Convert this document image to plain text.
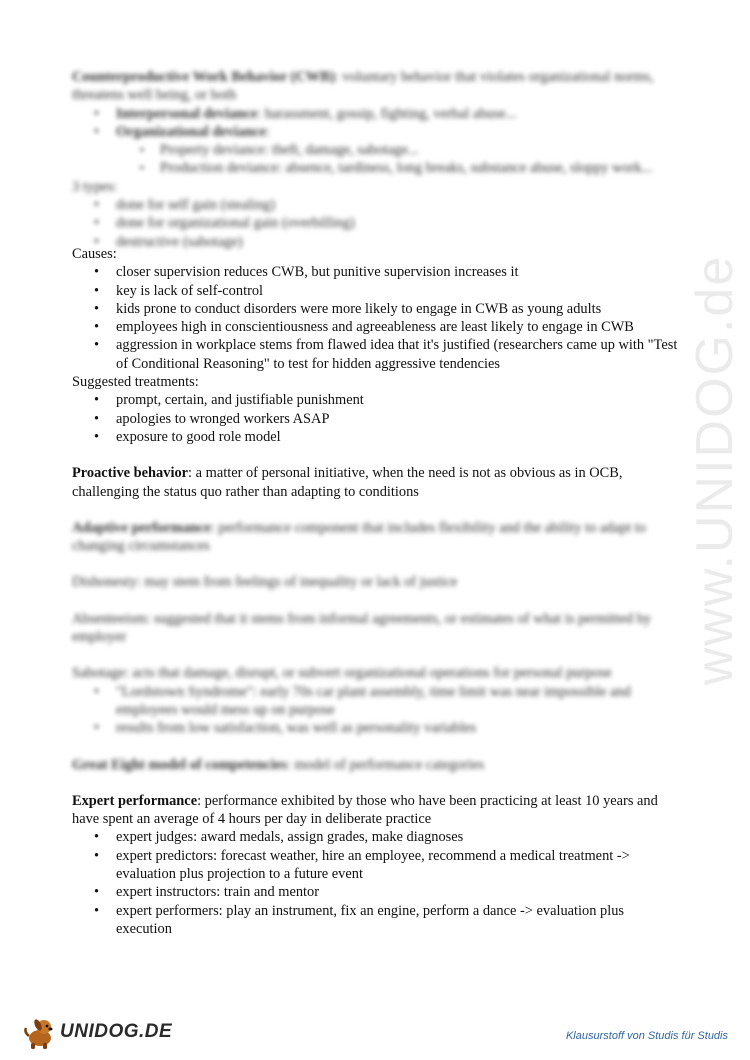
www.UNIDOG.de

Counterproductive Work Behavior (CWB): voluntary behavior that violates organizational norms, threatens well being, or both

• Interpersonal deviance: harassment, gossip, fighting, verbal abuse...
• Organizational deviance:
▪ Property deviance: theft, damage, sabotage...
▪ Production deviance: absence, tardiness, long breaks, substance abuse, sloppy work...

3 types:

• done for self gain (stealing)
• done for organizational gain (overbilling)
• destructive (sabotage)

Causes:

• closer supervision reduces CWB, but punitive supervision increases it
• key is lack of self-control
• kids prone to conduct disorders were more likely to engage in CWB as young adults
• employees high in conscientiousness and agreeableness are least likely to engage in CWB
• aggression in workplace stems from flawed idea that it's justified (researchers came up with "Test of Conditional Reasoning" to test for hidden aggressive tendencies

Suggested treatments:

• prompt, certain, and justifiable punishment
• apologies to wronged workers ASAP
• exposure to good role model

Proactive behavior: a matter of personal initiative, when the need is not as obvious as in OCB, challenging the status quo rather than adapting to conditions

Adaptive performance: performance component that includes flexibility and the ability to adapt to changing circumstances

Dishonesty: may stem from feelings of inequality or lack of justice

Absenteeism: suggested that it stems from informal agreements, or estimates of what is permitted by employer

Sabotage: acts that damage, disrupt, or subvert organizational operations for personal purpose

• "Lordstown Syndrome": early 70s car plant assembly, time limit was near impossible and employees would mess up on purpose
• results from low satisfaction, was well as personality variables

Great Eight model of competencies: model of performance categories

Expert performance: performance exhibited by those who have been practicing at least 10 years and have spent an average of 4 hours per day in deliberate practice

• expert judges: award medals, assign grades, make diagnoses
• expert predictors: forecast weather, hire an employee, recommend a medical treatment -> evaluation plus projection to a future event
• expert instructors: train and mentor
• expert performers: play an instrument, fix an engine, perform a dance -> evaluation plus execution
UNIDOG.DE	Klausurstoff von Studis für Studis
